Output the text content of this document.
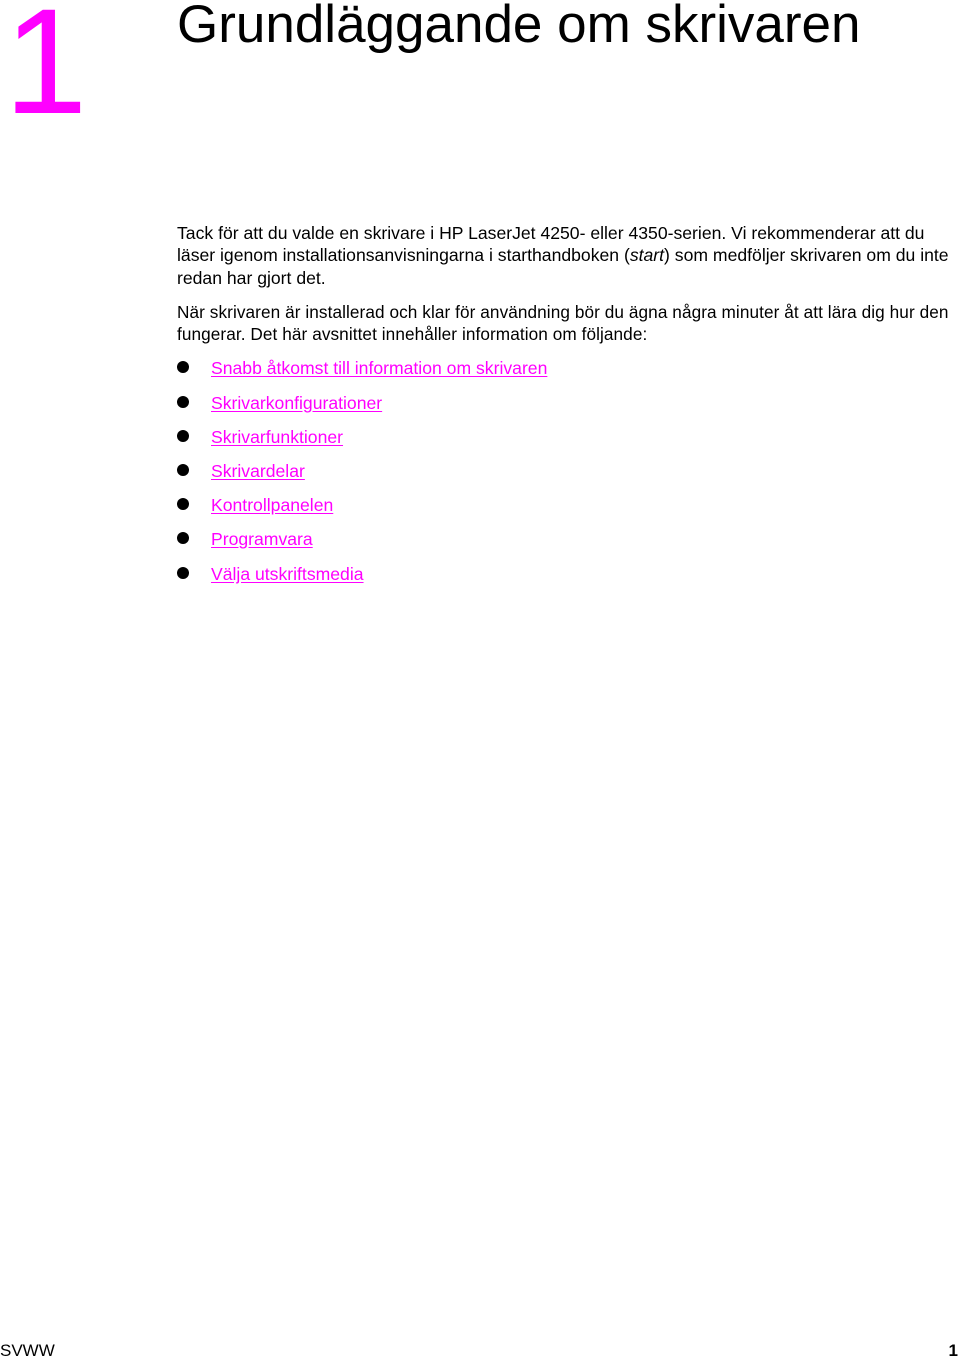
1 Grundläggande om skrivaren

Tack för att du valde en skrivare i HP LaserJet 4250- eller 4350-serien. Vi rekommenderar att du läser igenom installationsanvisningarna i starthandboken (start) som medföljer skrivaren om du inte redan har gjort det.

När skrivaren är installerad och klar för användning bör du ägna några minuter åt att lära dig hur den fungerar. Det här avsnittet innehåller information om följande:

Snabb åtkomst till information om skrivaren
Skrivarkonfigurationer
Skrivarfunktioner
Skrivardelar
Kontrollpanelen
Programvara
Välja utskriftsmedia

SVWW	1
